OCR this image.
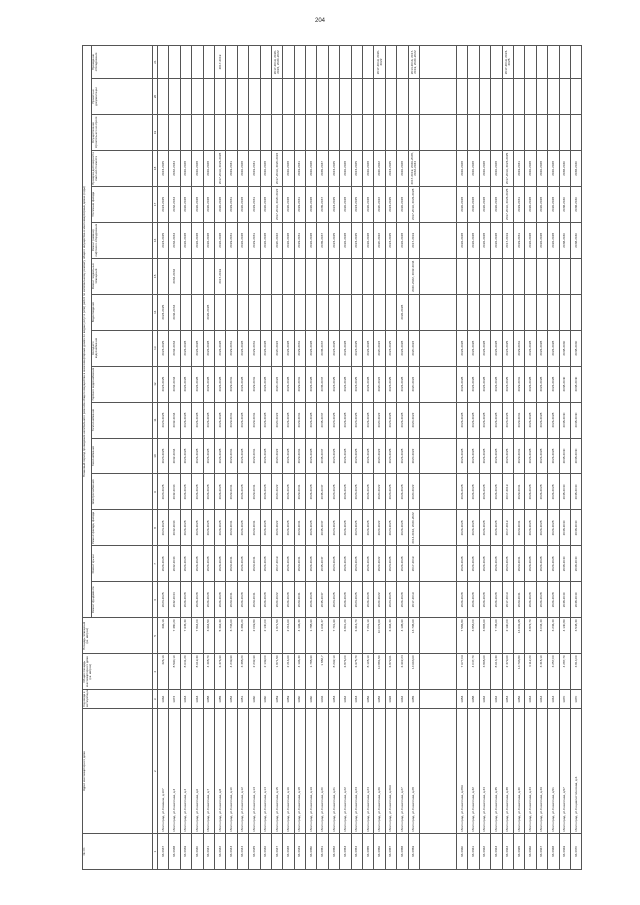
204
№ п/п	Адрес многоквартирного дома	Год ввода в эксплуатацию	Общая площадь многоквартирного дома (кв. метров)	Площадь помещений (кв. метров)	Плановый период проведения капитального ремонта общего имущества в многоквартирных домах по видам услуг и (или) работ по капитальному ремонту общего имущества в многоквартирных домах (годы)															
					Ремонт фундамента	Ремонт крыши	Ремонт фасада, фасада	Электроснабжения	Газоснабжения	Теплоснабжения	Горячего водоснабжения	Холодного водоснабжения	Водоотведения	Ремонт подвальных помещений	Ремонт (замена) лифтового оборудования	Утепление фасада	Проверка достоверности сметной стоимости	Осуществление строительного контроля	Проектные документации	Проведение обследования
1	2	3	4	5	6	7	8	9	10	11	12	13	14	15	16	17	18	19	20	21
33.4337	г.Волгоград, ул.Сиваков, д.107	1966	426,16	396,16	2023-2025	2026-2028	2023-2025	2023-2025	2023-2025	2023-2025	2023-2025	2023-2025	2023-2025		2023-2025	2023-2025	2023-2025			
33.4338	г.Волгоград, ул.Советская, д.3	1972	8 590,10	7 380,20	2032-2034	2032-2034	2032-2034	2032-2034	2032-2034	2032-2034	2032-2034	2032-2034	2032-2034	2032-2034	2032-2034	2032-2034	2032-2034			
33.4339	г.Волгоград, ул.Советская, д.4	1963	8 641,20	7 945,30	2026-2028	2026-2028	2026-2028	2026-2028	2026-2028	2026-2028	2026-2028	2026-2028			2026-2028	2026-2028	2026-2028			
33.4340	г.Волгоград, ул.Советская, д.6	1963	8 619,30	7 864,00	2026-2028	2026-2028	2026-2028	2026-2028	2026-2028	2026-2028	2026-2028	2026-2028			2026-2028	2026-2028	2026-2028			
33.4341	г.Волгоград, ул.Советская, д.7	1958	4 408,70	3 964,50	2026-2028	2026-2028	2026-2028	2026-2028	2026-2028	2026-2028	2026-2028	2026-2028	2026-2028		2026-2028	2026-2028	2026-2028			
33.4342	г.Волгоград, ул.Советская, д.8	1955	6 376,90	5 462,30	2026-2028	2026-2028	2026-2028	2026-2028	2026-2028	2026-2028	2026-2028	2026-2028		2017-2019	2026-2028	2026-2028	2017-2019, 2026-2028			2017-2019
33.4343	г.Волгоград, ул.Советская, д.10	1952	4 249,90	3 733,60	2029-2031	2029-2031	2029-2031	2029-2031	2029-2031	2029-2031	2029-2031	2029-2031			2029-2031	2029-2031	2029-2031			
33.4344	г.Волгоград, ул.Советская, д.12	1951	3 388,20	3 386,20	2026-2028	2026-2028	2026-2028	2026-2028	2026-2028	2026-2028	2026-2028	2026-2028			2026-2028	2026-2028	2026-2028			
33.4345	г.Волгоград, ул.Советская, д.13	1960	2 232,90	2 009,80	2029-2031	2029-2031	2029-2031	2029-2031	2029-2031	2029-2031	2029-2031	2029-2031			2029-2031	2029-2031	2029-2031			
33.4346	г.Волгоград, ул.Советская, д.14	1960	2 139,00	2 130,00	2026-2028	2026-2028	2026-2028	2026-2028	2026-2028	2026-2028	2026-2028	2026-2028			2026-2028	2026-2028	2026-2028			
33.4347	г.Волгоград, ул.Советская, д.15	1959	1 871,50	1 871,50	2020-2022	2017-2019	2020-2022	2020-2022	2020-2022	2020-2022	2020-2022	2020-2022			2020-2022	2017-2019, 2020-2022	2017-2019, 2020-2022			2017-2019, 2020-2022, 2020-2022
33.4348	г.Волгоград, ул.Советская, д.16	1959	2 216,60	2 216,60	2026-2028	2026-2028	2026-2028	2026-2028	2026-2028	2026-2028	2026-2028	2026-2028			2026-2028	2026-2028	2026-2028			
33.4349	г.Волгоград, ул.Советская, д.18	1960	4 196,30	4 196,30	2029-2031	2029-2031	2029-2031	2029-2031	2029-2031	2029-2031	2029-2031	2029-2031			2029-2031	2029-2031	2029-2031			
33.4350	г.Волгоград, ул.Советская, д.19	1960	1 788,90	1 788,90	2026-2028	2026-2028	2026-2028	2026-2028	2026-2028	2026-2028	2026-2028	2026-2028			2026-2028	2026-2028	2026-2028			
33.4351	г.Волгоград, ул.Советская, д.20	1946	1 882,7	1 634,37	2035-2037	2035-2037	2035-2037	2035-2037	2035-2037	2035-2037	2035-2037	2035-2037			2035-2037	2035-2037	2035-2037			
33.4352	г.Волгоград, ул.Советская, д.21	1953	8 292,10	7 701,90	2023-2025	2023-2025	2023-2025	2023-2025	2023-2025	2023-2025	2023-2025	2023-2025			2023-2025	2023-2025	2023-2025			
33.4353	г.Волгоград, ул.Советская, д.22	1962	6 876,00	6 801,20	2026-2028	2026-2028	2026-2028	2026-2028	2026-2028	2026-2028	2026-2028	2026-2028			2026-2028	2026-2028	2026-2028			
33.4354	г.Волгоград, ул.Советская, д.23	1963	6 975,70	6 916,70	2023-2025	2023-2025	2023-2025	2023-2025	2023-2025	2023-2025	2023-2025	2023-2025			2023-2025	2023-2025	2023-2025			
33.4355	г.Волгоград, ул.Советская, д.24	1956	8 105,10	7 261,10	2026-2028	2026-2028	2026-2028	2026-2028	2026-2028	2026-2028	2026-2028	2026-2028			2026-2028	2026-2028	2026-2028			
33.4356	г.Волгоград, ул.Советская, д.26	1982	10 881,50	10 072,60	2020-2022	2020-2022	2020-2022	2020-2022	2020-2022	2020-2022	2020-2022	2020-2022			2020-2022	2020-2022	2020-2022			2017-2019, 2020-2022
33.4357	г.Волгоград, ул.Советская, д.26А	1992	6 879,61	6 394,30	2023-2025	2023-2025	2023-2025	2023-2025	2023-2025	2023-2025	2023-2025	2023-2025			2023-2025	2023-2025	2023-2025			
33.4358	г.Волгоград, ул.Советская, д.27	1962	6 902,23	4 195,90	2026-2028	2026-2028	2026-2028	2026-2028	2026-2028	2026-2028	2026-2028	2026-2028	2026-2028		2026-2028	2026-2028	2026-2028			
33.4359	г.Волгоград, ул.Советская, д.28	1955	14 663,60	13 795,60	2017-2019	2017-2019	2014-2016, 2020-2022	2020-2022	2020-2022	2020-2022	2020-2022	2020-2022		2020-2022, 2032-2034	2017-2019	2017-2019, 2026-2028	2017-2019, 2026-2028, 2032-2034			2014-2016, 2017-2019, 2020-2022

33.4360	г.Волгоград, ул.Советская, д.28А	1983	7 677,09	7 586,80	2026-2028	2026-2028	2026-2028	2026-2028	2026-2028	2026-2028	2026-2028	2026-2028			2026-2028	2026-2028	2026-2028			
33.4361	г.Волгоград, ул.Советская, д.32	1988	4 047,70	3 853,00	2026-2028	2026-2028	2026-2028	2026-2028	2026-2028	2026-2028	2026-2028	2026-2028			2026-2028	2026-2028	2026-2028			
33.4362	г.Волгоград, ул.Советская, д.34	1962	3 865,60	3 865,60	2026-2028	2026-2028	2026-2028	2026-2028	2026-2028	2026-2028	2026-2028	2026-2028			2026-2028	2026-2028	2026-2028			
33.4363	г.Волгоград, ул.Советская, д.35	1962	8 613,30	7 735,60	2026-2028	2026-2028	2026-2028	2026-2028	2026-2028	2026-2028	2026-2028	2026-2028			2026-2028	2026-2028	2026-2028			
33.4364	г.Волгоград, ул.Советская, д.38	1954	2 379,60	2 190,00	2017-2019	2023-2025	2017-2019	2017-2019	2023-2025	2023-2025	2023-2025	2023-2025			2017-2019	2017-2019, 2023-2025	2017-2019, 2023-2025			2017-2019, 2023-2025
33.4365	г.Волгоград, ул.Советская, д.40	1956	14 793,80	13 631,95	2029-2031	2029-2031	2029-2031	2029-2031	2029-2031	2029-2031	2029-2031	2029-2031			2029-2031	2029-2031	2029-2031			
33.4366	г.Волгоград, ул.Советская, д.44	1964	4 112,20	3 872,70	2026-2028	2026-2028	2026-2028	2026-2028	2026-2028	2026-2028	2026-2028	2026-2028			2026-2028	2026-2028	2026-2028			
33.4367	г.Волгоград, ул.Советская, д.49	1964	3 315,10	3 034,40	2026-2028	2026-2028	2026-2028	2026-2028	2026-2028	2026-2028	2026-2028	2026-2028			2026-2028	2026-2028	2026-2028			
33.4368	г.Волгоград, ул.Советская, д.51	1964	3 257,00	3 236,40	2026-2028	2026-2028	2026-2028	2026-2028	2026-2028	2026-2028	2026-2028	2026-2028			2026-2028	2026-2028	2026-2028			
33.4369	г.Волгоград, ул.Советская, д.57	1970	4 287,70	4 130,80	2038-2040	2038-2040	2038-2040	2038-2040	2038-2040	2038-2040	2038-2040	2038-2040			2038-2040	2038-2040	2038-2040			
33.4370	г.Волгоград, ул.Социалистическая, д.6	1970	3 814,00	3 548,30	2038-2040	2038-2040	2038-2040	2038-2040	2038-2040	2038-2040	2038-2040	2038-2040			2038-2040	2038-2040	2038-2040			
